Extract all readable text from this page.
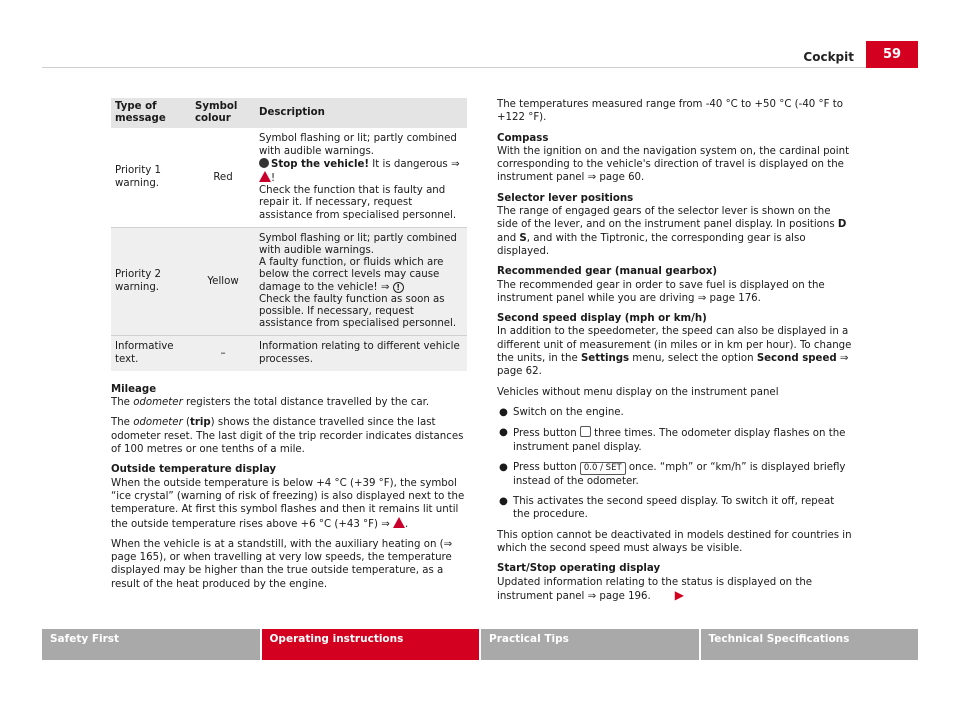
Cockpit	59
Type of message	Symbol colour	Description
Priority 1 warning.	Red	Symbol flashing or lit; partly combined with audible warnings.
Stop the vehicle! It is dangerous ⇒ !
Check the function that is faulty and repair it. If necessary, request assistance from specialised personnel.
Priority 2 warning.	Yellow	Symbol flashing or lit; partly combined with audible warnings.
A faulty function, or fluids which are below the correct levels may cause damage to the vehicle! ⇒ !
Check the faulty function as soon as possible. If necessary, request assistance from specialised personnel.
Informative text.	–	Information relating to different vehicle processes.

Mileage

The odometer registers the total distance travelled by the car.

The odometer (trip) shows the distance travelled since the last odometer reset. The last digit of the trip recorder indicates distances of 100 metres or one tenths of a mile.

Outside temperature display

When the outside temperature is below +4 °C (+39 °F), the symbol “ice crystal” (warning of risk of freezing) is also displayed next to the temperature. At first this symbol flashes and then it remains lit until the outside temperature rises above +6 °C (+43 °F) ⇒ .

When the vehicle is at a standstill, with the auxiliary heating on (⇒ page 165), or when travelling at very low speeds, the temperature displayed may be higher than the true outside temperature, as a result of the heat produced by the engine.

The temperatures measured range from -40 °C to +50 °C (-40 °F to +122 °F).

Compass

With the ignition on and the navigation system on, the cardinal point corresponding to the vehicle's direction of travel is displayed on the instrument panel ⇒ page 60.

Selector lever positions

The range of engaged gears of the selector lever is shown on the side of the lever, and on the instrument panel display. In positions D and S, and with the Tiptronic, the corresponding gear is also displayed.

Recommended gear (manual gearbox)

The recommended gear in order to save fuel is displayed on the instrument panel while you are driving ⇒ page 176.

Second speed display (mph or km/h)

In addition to the speedometer, the speed can also be displayed in a different unit of measurement (in miles or in km per hour). To change the units, in the Settings menu, select the option Second speed ⇒ page 62.

Vehicles without menu display on the instrument panel

● Switch on the engine.
● Press button  three times. The odometer display flashes on the instrument panel display.
● Press button 0.0 / SET once. “mph” or “km/h” is displayed briefly instead of the odometer.
● This activates the second speed display. To switch it off, repeat the procedure.

This option cannot be deactivated in models destined for countries in which the second speed must always be visible.

Start/Stop operating display

Updated information relating to the status is displayed on the instrument panel ⇒ page 196. ▶

Safety First	Operating instructions	Practical Tips	Technical Specifications
